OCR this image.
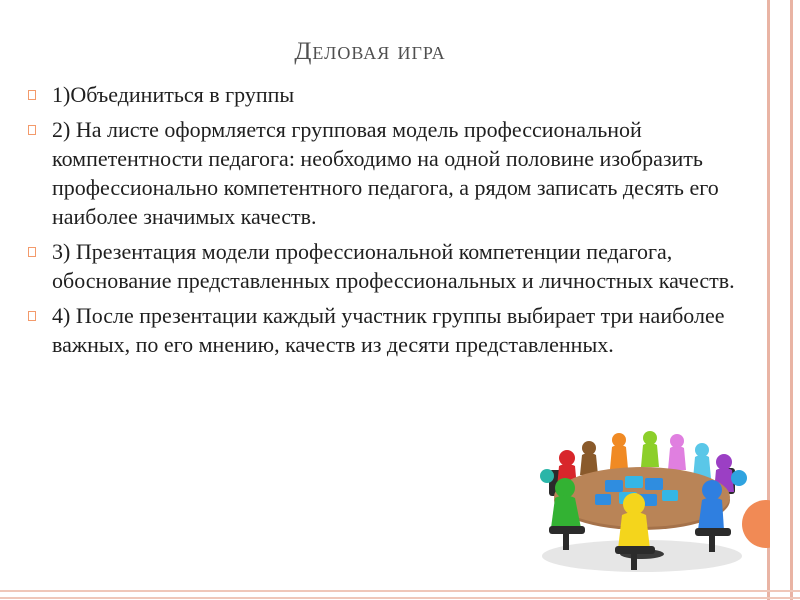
Деловая игра
1)Объединиться в группы
2) На листе оформляется групповая модель профессиональной компетентности педагога: необходимо на одной половине изобразить профессионально компетентного педагога, а рядом записать десять его наиболее значимых качеств.
3) Презентация модели профессиональной компетенции педагога, обоснование представленных профессиональных и личностных качеств.
4) После презентации каждый участник группы выбирает три наиболее важных, по его мнению, качеств из десяти представленных.
